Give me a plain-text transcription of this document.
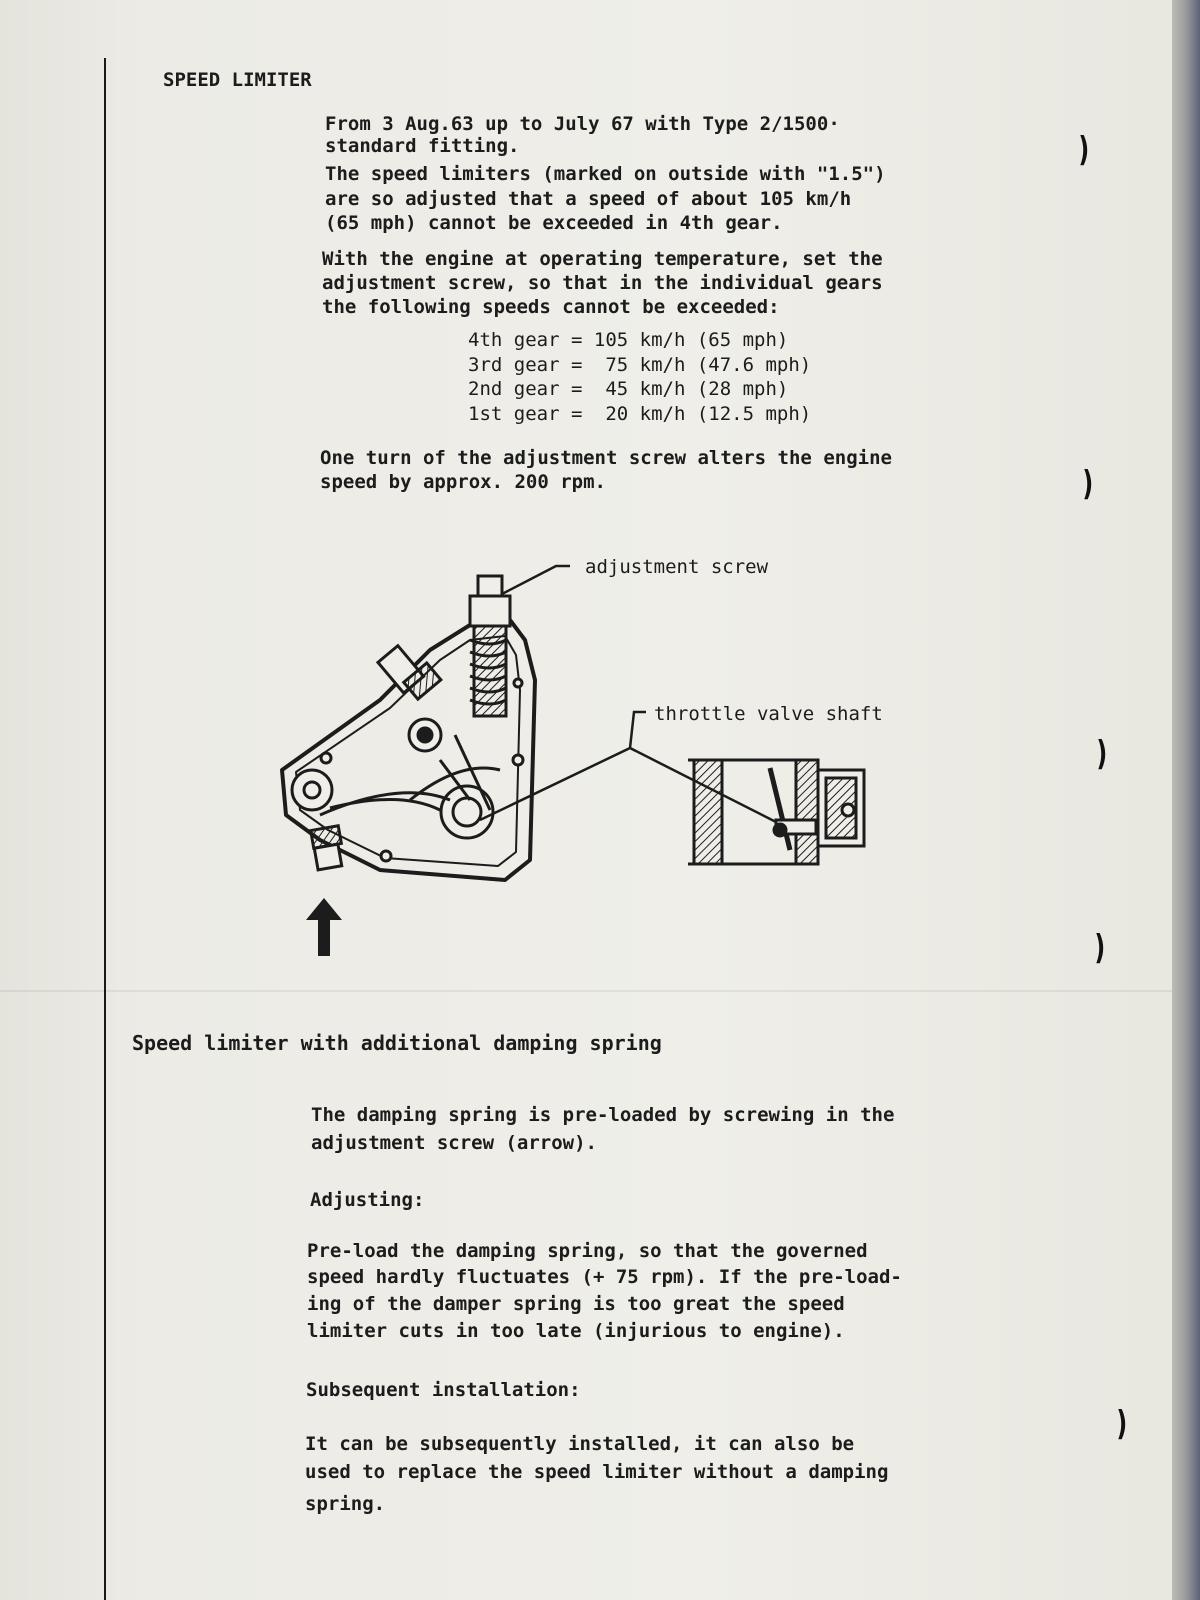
)
)
)
)
)
SPEED LIMITER
From 3 Aug.63 up to July 67 with Type 2/1500·
standard fitting.
The speed limiters (marked on outside with "1.5")
are so adjusted that a speed of about 105 km/h
(65 mph) cannot be exceeded in 4th gear.
With the engine at operating temperature, set the
adjustment screw, so that in the individual gears
the following speeds cannot be exceeded:
4th gear = 105 km/h (65 mph)
3rd gear =  75 km/h (47.6 mph)
2nd gear =  45 km/h (28 mph)
1st gear =  20 km/h (12.5 mph)
One turn of the adjustment screw alters the engine
speed by approx. 200 rpm.
adjustment screw
throttle valve shaft
Speed limiter with additional damping spring
The damping spring is pre-loaded by screwing in the
adjustment screw (arrow).
Adjusting:
Pre-load the damping spring, so that the governed
speed hardly fluctuates (+ 75 rpm). If the pre-load-
ing of the damper spring is too great the speed
limiter cuts in too late (injurious to engine).
Subsequent installation:
It can be subsequently installed, it can also be
used to replace the speed limiter without a damping
spring.
